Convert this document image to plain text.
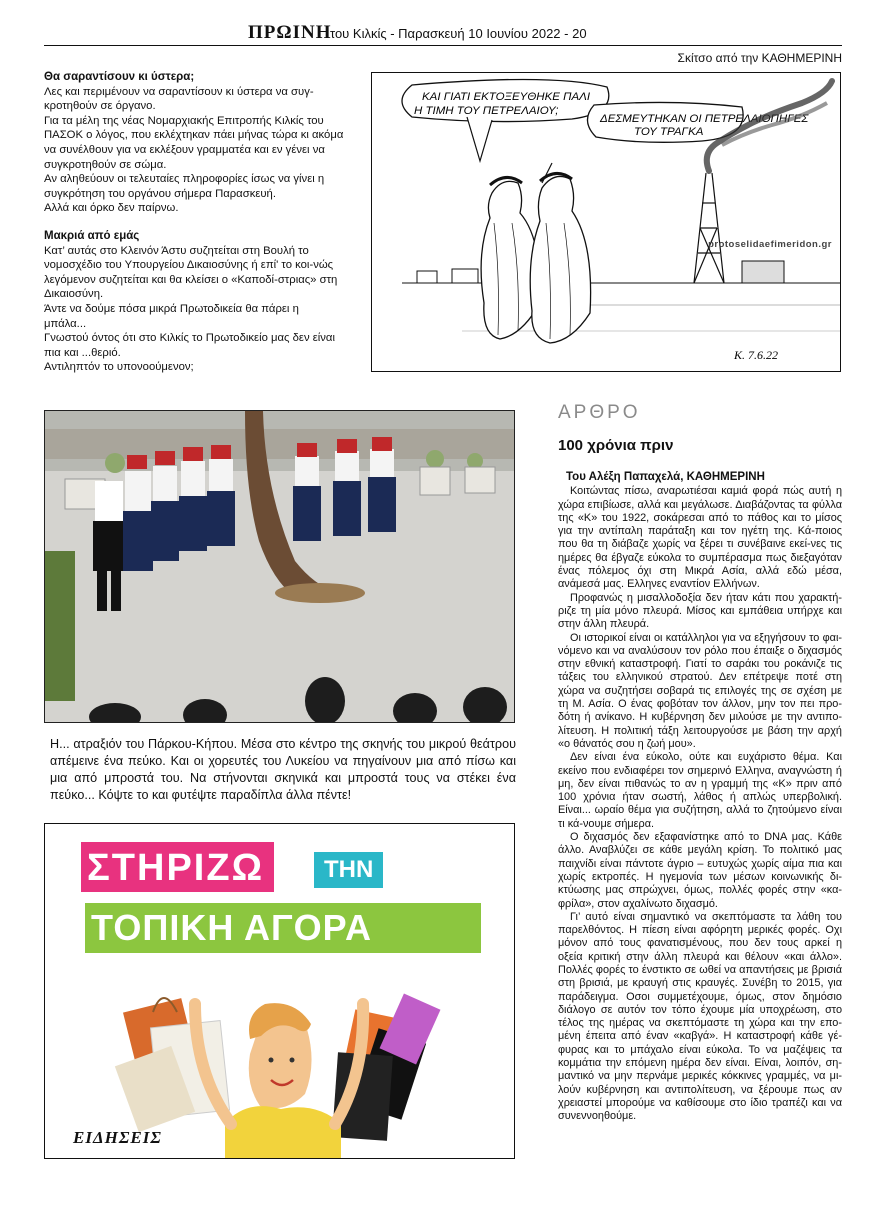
ΠΡΩΙΝΗ
του Κιλκίς - Παρασκευή 10 Ιουνίου 2022 - 20
Σκίτσο από την ΚΑΘΗΜΕΡΙΝΗ
Θα σαραντίσουν κι ύστερα;

Λες και περιμένουν να σαραντίσουν κι ύστερα να συγ-κροτηθούν σε όργανο.

Για τα μέλη της νέας Νομαρχιακής Επιτροπής Κιλκίς του ΠΑΣΟΚ ο λόγος, που εκλέχτηκαν πάει μήνας τώρα κι ακόμα να συνέλθουν για να εκλέξουν γραμματέα και εν γένει να συγκροτηθούν σε σώμα.

Αν αληθεύουν οι τελευταίες πληροφορίες ίσως να γίνει η συγκρότηση του οργάνου σήμερα Παρασκευή.

Αλλά και όρκο δεν παίρνω.

Μακριά από εμάς

Κατ’ αυτάς στο Κλεινόν Άστυ συζητείται στη Βουλή το νομοσχέδιο του Υπουργείου Δικαιοσύνης ή επί' το κοι-νώς λεγόμενον συζητείται και θα κλείσει ο «Καποδί-στριας» στη Δικαιοσύνη.

Άντε να δούμε πόσα μικρά Πρωτοδικεία θα πάρει η μπάλα...

Γνωστού όντος ότι στο Κιλκίς το Πρωτοδικείο μας δεν είναι πια και ...θεριό.

Αντιληπτόν το υπονοούμενον;

ΚΑΙ ΓΙΑΤΙ ΕΚΤΟΞΕΥΘΗΚΕ ΠΑΛΙ
Η ΤΙΜΗ ΤΟΥ ΠΕΤΡΕΛΑΙΟΥ;
ΔΕΣΜΕΥΤΗΚΑΝ ΟΙ ΠΕΤΡΕΛΑΙΟΠΗΓΕΣ
ΤΟΥ ΤΡΑΓΚΑ
Κ. 7.6.22
protoselidaefimeridon.gr
Η... ατραξιόν του Πάρκου-Κήπου. Μέσα στο κέντρο της σκηνής του μικρού θεάτρου απέμεινε ένα πεύκο. Και οι χορευτές του Λυκείου να πηγαίνουν μια από πίσω και μια από μπροστά του. Να στήνονται σκηνικά και μπροστά τους να στέκει ένα πεύκο... Κόψτε το και φυτέψτε παραδίπλα άλλα πέντε!
ΣΤΗΡΙΖΩ	ΤΗΝ
ΤΟΠΙΚΗ ΑΓΟΡΑ
ΕΙΔΗΣΕΙΣ
ΑΡΘΡΟ
100 χρόνια πριν
Του Αλέξη Παπαχελά, ΚΑΘΗΜΕΡΙΝΗ

Κοιτώντας πίσω, αναρωτιέσαι καμιά φορά πώς αυτή η χώρα επιβίωσε, αλλά και μεγάλωσε. Διαβάζοντας τα φύλλα της «Κ» του 1922, σοκάρεσαι από το πάθος και το μίσος για την αντίπαλη παράταξη και τον ηγέτη της. Κά-ποιος που θα τη διάβαζε χωρίς να ξέρει τι συνέβαινε εκεί-νες τις ημέρες θα έβγαζε εύκολα το συμπέρασμα πως διεξαγόταν ένας πόλεμος όχι στη Μικρά Ασία, αλλά εδώ μέσα, ανάμεσά μας. Ελληνες εναντίον Ελλήνων.

Προφανώς η μισαλλοδοξία δεν ήταν κάτι που χαρακτή-ριζε τη μία μόνο πλευρά. Μίσος και εμπάθεια υπήρχε και στην άλλη πλευρά.

Οι ιστορικοί είναι οι κατάλληλοι για να εξηγήσουν το φαι-νόμενο και να αναλύσουν τον ρόλο που έπαιξε ο διχασμός στην εθνική καταστροφή. Γιατί το σαράκι του ροκάνιζε τις τάξεις του ελληνικού στρατού. Δεν επέτρεψε ποτέ στη χώρα να συζητήσει σοβαρά τις επιλογές της σε σχέση με τη Μ. Ασία. Ο ένας φοβόταν τον άλλον, μην τον πει προ-δότη ή ανίκανο. Η κυβέρνηση δεν μιλούσε με την αντιπο-λίτευση. Η πολιτική τάξη λειτουργούσε με βάση την αρχή «ο θάνατός σου η ζωή μου».

Δεν είναι ένα εύκολο, ούτε και ευχάριστο θέμα. Και εκείνο που ενδιαφέρει τον σημερινό Ελληνα, αναγνώστη ή μη, δεν είναι πιθανώς το αν η γραμμή της «Κ» πριν από 100 χρόνια ήταν σωστή, λάθος ή απλώς υπερβολική. Είναι... ωραίο θέμα για συζήτηση, αλλά το ζητούμενο είναι τι κά-νουμε σήμερα.

Ο διχασμός δεν εξαφανίστηκε από το DNA μας. Κάθε άλλο. Αναβλύζει σε κάθε μεγάλη κρίση. Το πολιτικό μας παιχνίδι είναι πάντοτε άγριο – ευτυχώς χωρίς αίμα πια και χωρίς εκτροπές. Η ηγεμονία των μέσων κοινωνικής δι-κτύωσης μας σπρώχνει, όμως, πολλές φορές στην «κα-φρίλα», στον αχαλίνωτο διχασμό.

Γι’ αυτό είναι σημαντικό να σκεπτόμαστε τα λάθη του παρελθόντος. Η πίεση είναι αφόρητη μερικές φορές. Οχι μόνον από τους φανατισμένους, που δεν τους αρκεί η οξεία κριτική στην άλλη πλευρά και θέλουν «και άλλο». Πολλές φορές το ένστικτο σε ωθεί να απαντήσεις με βρισιά στη βρισιά, με κραυγή στις κραυγές. Συνέβη το 2015, για παράδειγμα. Οσοι συμμετέχουμε, όμως, στον δημόσιο διάλογο σε αυτόν τον τόπο έχουμε μία υποχρέωση, στο τέλος της ημέρας να σκεπτόμαστε τη χώρα και την επο-μένη έπειτα από έναν «καβγά». Η καταστροφή κάθε γέ-φυρας και το μπάχαλο είναι εύκολα. Το να μαζέψεις τα κομμάτια την επόμενη ημέρα δεν είναι. Είναι, λοιπόν, ση-μαντικό να μην περνάμε μερικές κόκκινες γραμμές, να μι-λούν κυβέρνηση και αντιπολίτευση, να ξέρουμε πως αν χρειαστεί μπορούμε να καθίσουμε στο ίδιο τραπέζι και να συνεννοηθούμε.
